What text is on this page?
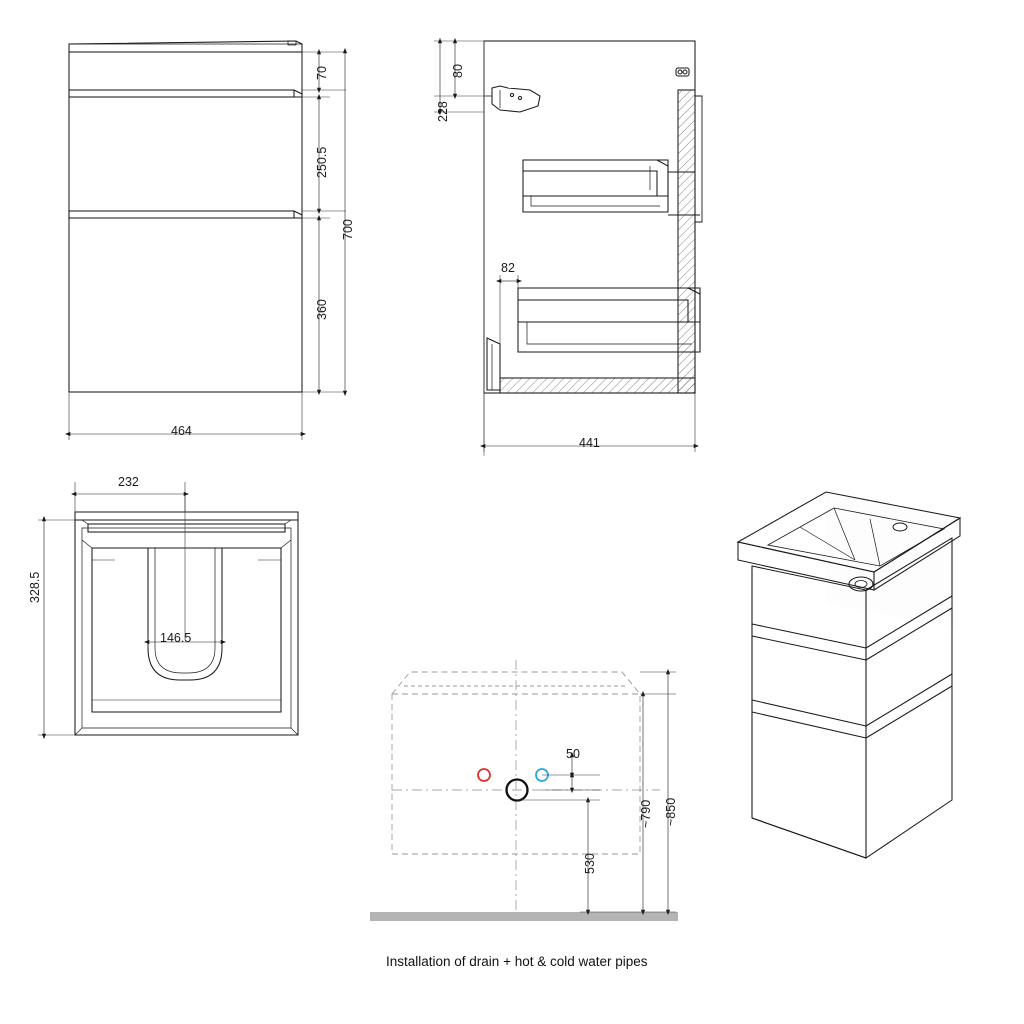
70
250.5
360
700
464
80
228
82
441
232
328.5
146.5
50
530
~790 ~850
Installation of drain + hot & cold water pipes
